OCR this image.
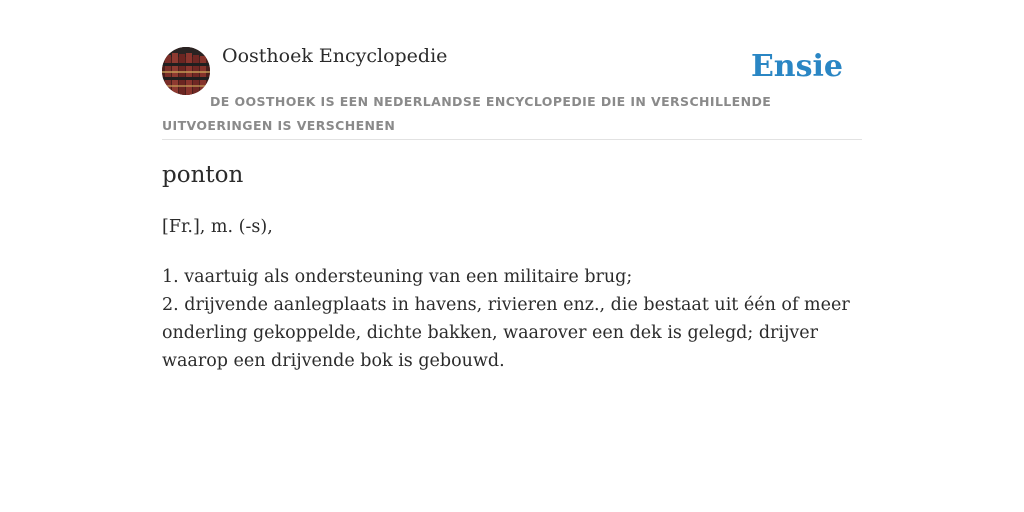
Oosthoek Encyclopedie	Ensie
DE OOSTHOEK IS EEN NEDERLANDSE ENCYCLOPEDIE DIE IN VERSCHILLENDE UITVOERINGEN IS VERSCHENEN
ponton
[Fr.], m. (-s),
1. vaartuig als ondersteuning van een militaire brug;
2. drijvende aanlegplaats in havens, rivieren enz., die bestaat uit één of meer onderling gekoppelde, dichte bakken, waarover een dek is gelegd; drijver waarop een drijvende bok is gebouwd.
